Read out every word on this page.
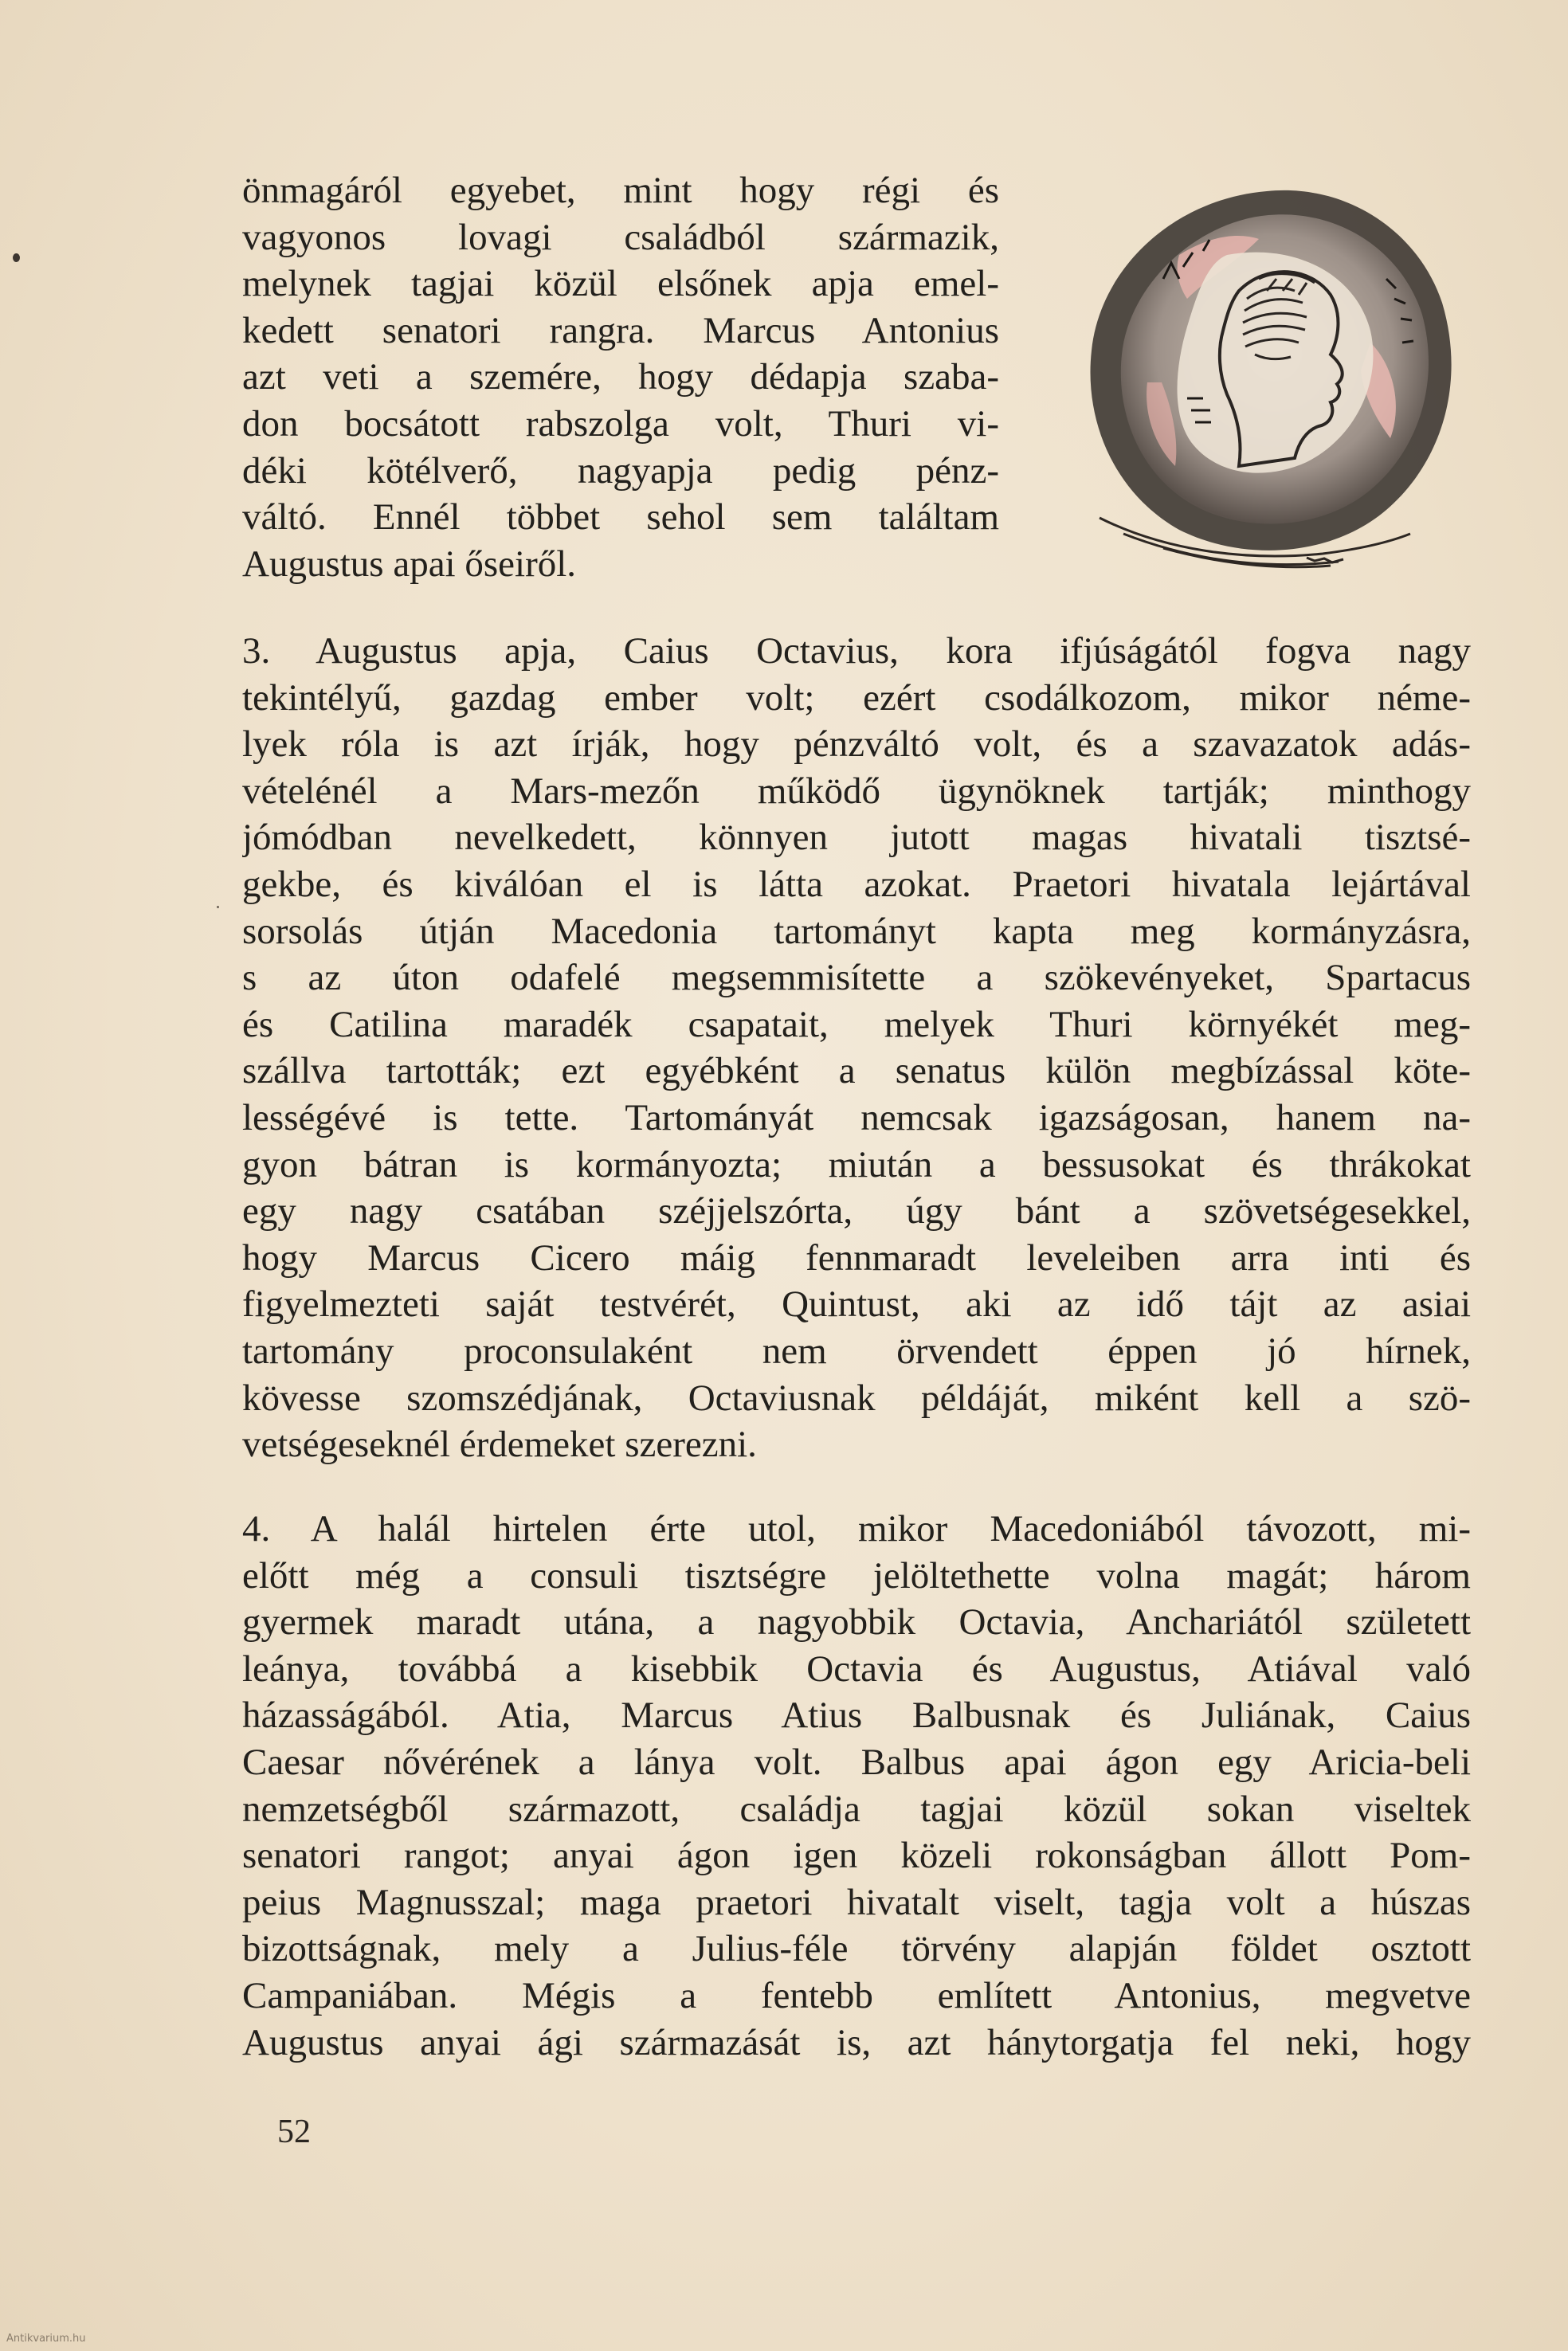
önmagáról egyebet, mint hogy régi és
vagyonos lovagi családból származik,
melynek tagjai közül elsőnek apja emel-
kedett senatori rangra. Marcus Antonius
azt veti a szemére, hogy dédapja szaba-
don bocsátott rabszolga volt, Thuri vi-
déki kötélverő, nagyapja pedig pénz-
váltó. Ennél többet sehol sem találtam
Augustus apai őseiről.
3. Augustus apja, Caius Octavius, kora ifjúságától fogva nagy
tekintélyű, gazdag ember volt; ezért csodálkozom, mikor néme-
lyek róla is azt írják, hogy pénzváltó volt, és a szavazatok adás-
vételénél a Mars-mezőn működő ügynöknek tartják; minthogy
jómódban nevelkedett, könnyen jutott magas hivatali tisztsé-
gekbe, és kiválóan el is látta azokat. Praetori hivatala lejártával
sorsolás útján Macedonia tartományt kapta meg kormányzásra,
s az úton odafelé megsemmisítette a szökevényeket, Spartacus
és Catilina maradék csapatait, melyek Thuri környékét meg-
szállva tartották; ezt egyébként a senatus külön megbízással köte-
lességévé is tette. Tartományát nemcsak igazságosan, hanem na-
gyon bátran is kormányozta; miután a bessusokat és thrákokat
egy nagy csatában széjjelszórta, úgy bánt a szövetségesekkel,
hogy Marcus Cicero máig fennmaradt leveleiben arra inti és
figyelmezteti saját testvérét, Quintust, aki az idő tájt az asiai
tartomány proconsulaként nem örvendett éppen jó hírnek,
kövesse szomszédjának, Octaviusnak példáját, miként kell a szö-
vetségeseknél érdemeket szerezni.
4. A halál hirtelen érte utol, mikor Macedoniából távozott, mi-
előtt még a consuli tisztségre jelöltethette volna magát; három
gyermek maradt utána, a nagyobbik Octavia, Anchariától született
leánya, továbbá a kisebbik Octavia és Augustus, Atiával való
házasságából. Atia, Marcus Atius Balbusnak és Juliának, Caius
Caesar nővérének a lánya volt. Balbus apai ágon egy Aricia-beli
nemzetségből származott, családja tagjai közül sokan viseltek
senatori rangot; anyai ágon igen közeli rokonságban állott Pom-
peius Magnusszal; maga praetori hivatalt viselt, tagja volt a húszas
bizottságnak, mely a Julius-féle törvény alapján földet osztott
Campaniában. Mégis a fentebb említett Antonius, megvetve
Augustus anyai ági származását is, azt hánytorgatja fel neki, hogy
52
Antikvarium.hu
